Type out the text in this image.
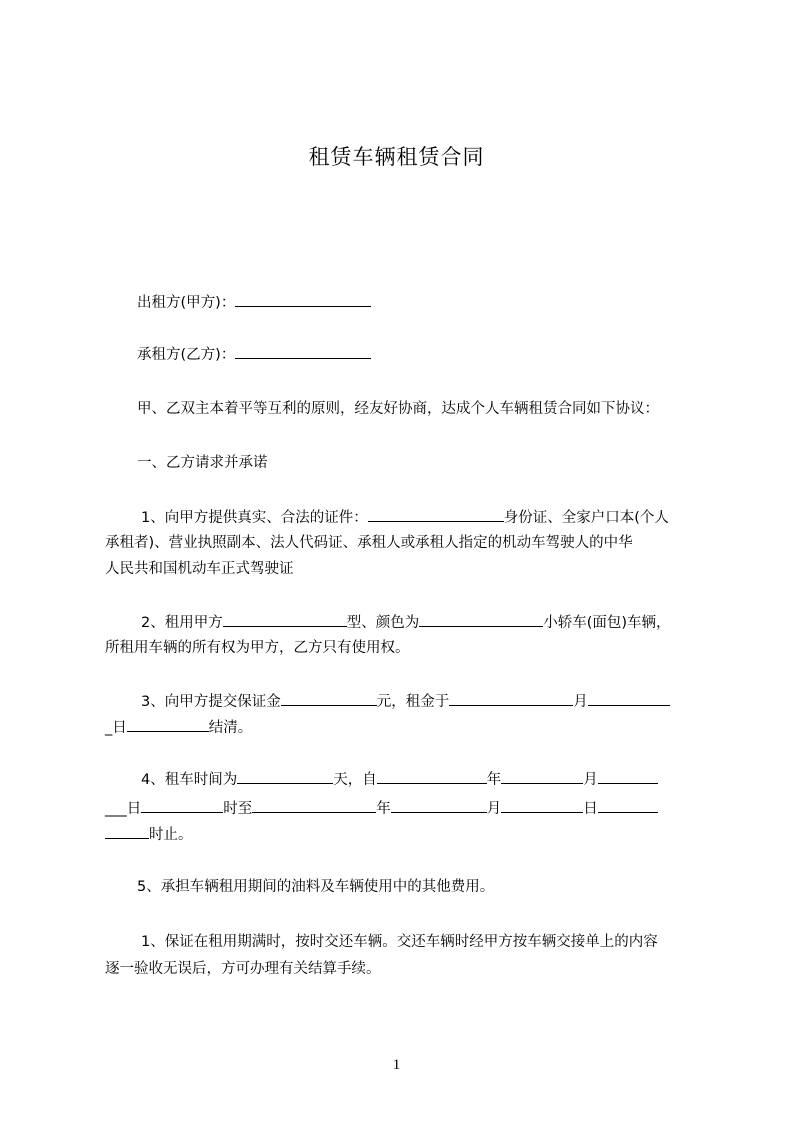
租赁车辆租赁合同
出租方(甲方)：
承租方(乙方)：
甲、乙双主本着平等互利的原则，经友好协商，达成个人车辆租赁合同如下协议：
一、乙方请求并承诺
1、向甲方提供真实、合法的证件：	身份证、全家户口本(个人
承租者)、营业执照副本、法人代码证、承租人或承租人指定的机动车驾驶人的中华
人民共和国机动车正式驾驶证
2、租用甲方	型、颜色为	小轿车(面包)车辆，
所租用车辆的所有权为甲方，乙方只有使用权。
3、向甲方提交保证金	元，租金于	月
_日	结清。
4、租车时间为	天，自	年	月
___日	时至	年	月	日
时止。
5、承担车辆租用期间的油料及车辆使用中的其他费用。
1、保证在租用期满时，按时交还车辆。交还车辆时经甲方按车辆交接单上的内容
逐一验收无误后，方可办理有关结算手续。
1
